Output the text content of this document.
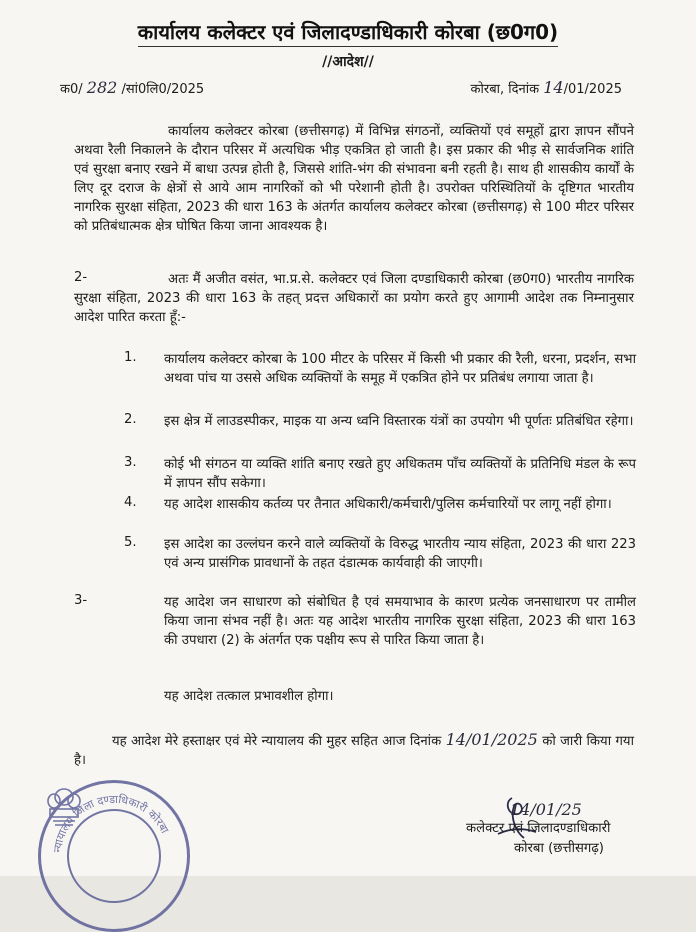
कार्यालय कलेक्टर एवं जिलादण्डाधिकारी कोरबा (छ0ग0)
//आदेश//
क0/ 282 /सां0लि0/2025	कोरबा, दिनांक 14/01/2025
कार्यालय कलेक्टर कोरबा (छत्तीसगढ़) में विभिन्न संगठनों, व्यक्तियों एवं समूहों द्वारा ज्ञापन सौंपने अथवा रैली निकालने के दौरान परिसर में अत्यधिक भीड़ एकत्रित हो जाती है। इस प्रकार की भीड़ से सार्वजनिक शांति एवं सुरक्षा बनाए रखने में बाधा उत्पन्न होती है, जिससे शांति-भंग की संभावना बनी रहती है। साथ ही शासकीय कार्यों के लिए दूर दराज के क्षेत्रों से आये आम नागरिकों को भी परेशानी होती है। उपरोक्त परिस्थितियों के दृष्टिगत भारतीय नागरिक सुरक्षा संहिता, 2023 की धारा 163 के अंतर्गत कार्यालय कलेक्टर कोरबा (छत्तीसगढ़) से 100 मीटर परिसर को प्रतिबंधात्मक क्षेत्र घोषित किया जाना आवश्यक है।
2-	अतः मैं अजीत वसंत, भा.प्र.से. कलेक्टर एवं जिला दण्डाधिकारी कोरबा (छ0ग0) भारतीय नागरिक सुरक्षा संहिता, 2023 की धारा 163 के तहत् प्रदत्त अधिकारों का प्रयोग करते हुए आगामी आदेश तक निम्नानुसार आदेश पारित करता हूँ:-
1. कार्यालय कलेक्टर कोरबा के 100 मीटर के परिसर में किसी भी प्रकार की रैली, धरना, प्रदर्शन, सभा अथवा पांच या उससे अधिक व्यक्तियों के समूह में एकत्रित होने पर प्रतिबंध लगाया जाता है।
2. इस क्षेत्र में लाउडस्पीकर, माइक या अन्य ध्वनि विस्तारक यंत्रों का उपयोग भी पूर्णतः प्रतिबंधित रहेगा।
3. कोई भी संगठन या व्यक्ति शांति बनाए रखते हुए अधिकतम पाँच व्यक्तियों के प्रतिनिधि मंडल के रूप में ज्ञापन सौंप सकेगा।
4. यह आदेश शासकीय कर्तव्य पर तैनात अधिकारी/कर्मचारी/पुलिस कर्मचारियों पर लागू नहीं होगा।
5. इस आदेश का उल्लंघन करने वाले व्यक्तियों के विरुद्ध भारतीय न्याय संहिता, 2023 की धारा 223 एवं अन्य प्रासंगिक प्रावधानों के तहत दंडात्मक कार्यवाही की जाएगी।
3-	यह आदेश जन साधारण को संबोधित है एवं समयाभाव के कारण प्रत्येक जनसाधारण पर तामील किया जाना संभव नहीं है। अतः यह आदेश भारतीय नागरिक सुरक्षा संहिता, 2023 की धारा 163 की उपधारा (2) के अंतर्गत एक पक्षीय रूप से पारित किया जाता है।
यह आदेश तत्काल प्रभावशील होगा।
यह आदेश मेरे हस्ताक्षर एवं मेरे न्यायालय की मुहर सहित आज दिनांक 14/01/2025 को जारी किया गया है।
न्यायालय जिला दण्डाधिकारी कोरबा
14/01/25
कलेक्टर एवं जिलादण्डाधिकारी
कोरबा (छत्तीसगढ़)
